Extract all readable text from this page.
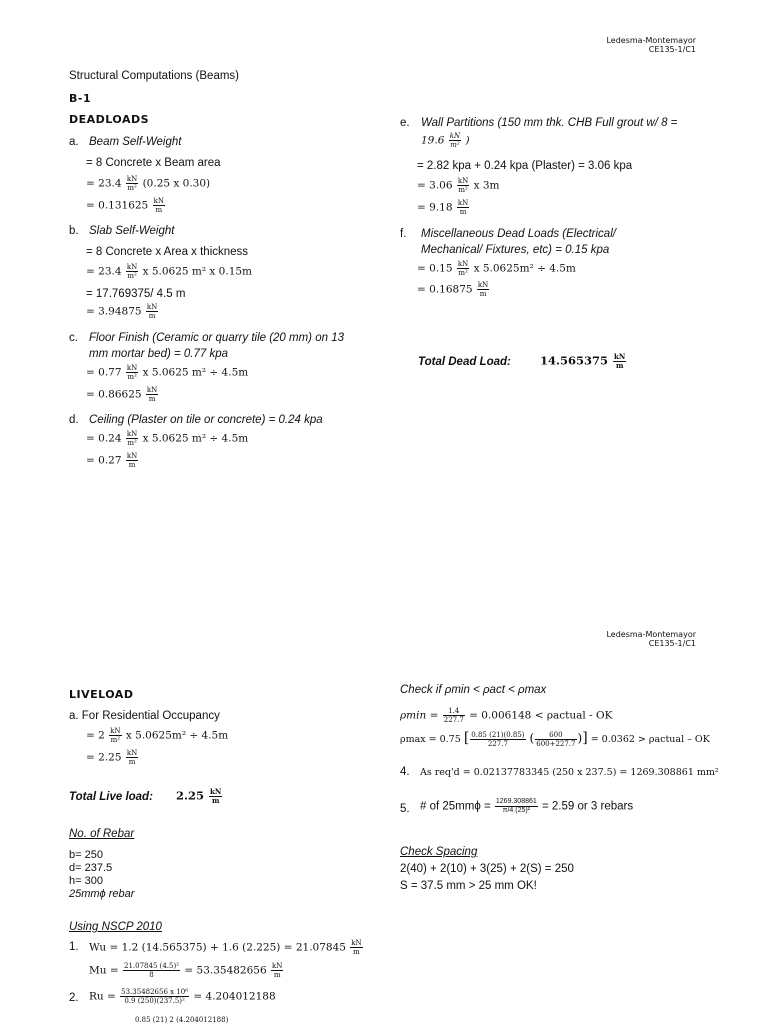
Ledesma-Montemayor
CE135-1/C1
Structural Computations (Beams)
B-1
DEADLOADS
a. Beam Self-Weight
= 8 Concrete x Beam area
= $23.4 \frac{kN}{\text{m²}} (0.25$ x 0.30)
= $0.131625 \frac{kN}{m}$
b. Slab Self-Weight
= 8 Concrete x Area x thickness
= $23.4 \frac{kN}{\text{m²}}$ x 5.0625 m² x 0.15m
= 17.769375/ 4.5 m
= $3.94875 \frac{kN}{m}$
c. Floor Finish (Ceramic or quarry tile (20 mm) on 13
mm mortar bed) = 0.77 kpa
= $0.77 \frac{kN}{\text{m²}}$ x 5.0625 m² ÷ 4.5m
= $0.86625 \frac{kN}{m}$
d. Ceiling (Plaster on tile or concrete) = 0.24 kpa
= $0.24 \frac{kN}{\text{m²}}$ x 5.0625 m² ÷ 4.5m
= $0.27 \frac{kN}{m}$
e. Wall Partitions (150 mm thk. CHB Full grout w/ 8 =
$19.6 \frac{kN}{\text{m²}}$ )
= 2.82 kpa + 0.24 kpa (Plaster) = 3.06 kpa
= $3.06 \frac{kN}{\text{m²}}$ x 3m
= $9.18 \frac{kN}{m}$
f. Miscellaneous Dead Loads (Electrical/
Mechanical/ Fixtures, etc) = 0.15 kpa
= $0.15 \frac{kN}{\text{m²}}$ x 5.0625m² ÷ 4.5m
= $0.16875 \frac{kN}{m}$
Total Dead Load:	$14.565375 \frac{kN}{m}$
Ledesma-Montemayor
CE135-1/C1
LIVELOAD
a. For Residential Occupancy
= $2 \frac{kN}{\text{m²}}$ x 5.0625m² ÷ 4.5m
= $2.25 \frac{kN}{m}$
Total Live load: $2.25 \frac{kN}{m}$
No. of Rebar
b= 250
d= 237.5
h= 300
25mmϕ rebar
Using NSCP 2010
1. Wu = 1.2 (14.565375) + 1.6 $(2.225) = 21.07845 \frac{kN}{m}$
$Mu = \frac{\text{21.07845 (4.5)²}}{8} = 53.35482656 \frac{kN}{m}$
2. $Ru = \frac{\text{53.35482656 x 10⁶}}{\text{0.9 (250)(237.5)²}} = 4.204012188$
0.85 (21) 2 (4.204012188)
Check if ρmin < ρact < ρmax
$\rho\min = \frac{1.4}{227.7} = 0.006148$ < ρactual - OK
ρmax = 0.75 [ $\frac{0.85 (21)(0.85)}{227.7}$ ( $\frac{600}{600+227.7}$ )] = 0.0362 > ρactual – OK
4. As req'd = 0.02137783345 (250 x 237.5) = 1269.308861 mm²
5. # of $25mm\phi = \frac{1269.308861}{\text{π/4 (25)²}} = 2.59$ or 3 rebars
Check Spacing
2(40) + 2(10) + 3(25) + 2(S) = 250
S = 37.5 mm > 25 mm OK!
